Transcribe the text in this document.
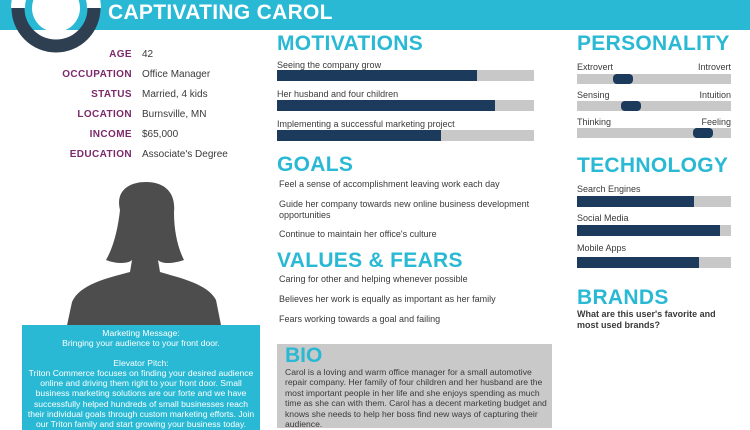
CAPTIVATING CAROL
AGE 42
OCCUPATION Office Manager
STATUS Married, 4 kids
LOCATION Burnsville, MN
INCOME $65,000
EDUCATION Associate's Degree

Marketing Message:

Bringing your audience to your front door.

Elevator Pitch:

Triton Commerce focuses on finding your desired audience online and driving them right to your front door. Small business marketing solutions are our forte and we have successfully helped hundreds of small businesses reach their individual goals through custom marketing efforts. Join our Triton family and start growing your business today.

MOTIVATIONS
Seeing the company grow
Her husband and four children
Implementing a successful marketing project
GOALS
Feel a sense of accomplishment leaving work each day
Guide her company towards new online business development opportunities
Continue to maintain her office's culture
VALUES & FEARS
Caring for other and helping whenever possible
Believes her work is equally as important as her family
Fears working towards a goal and failing
BIO
Carol is a loving and warm office manager for a small automotive repair company. Her family of four children and her husband are the most important people in her life and she enjoys spending as much time as she can with them. Carol has a decent marketing budget and knows she needs to help her boss find new ways of capturing their audience.
PERSONALITY
Extrovert	Introvert
Sensing	Intuition
Thinking	Feeling
TECHNOLOGY
Search Engines
Social Media
Mobile Apps
BRANDS
What are this user's favorite and most used brands?
